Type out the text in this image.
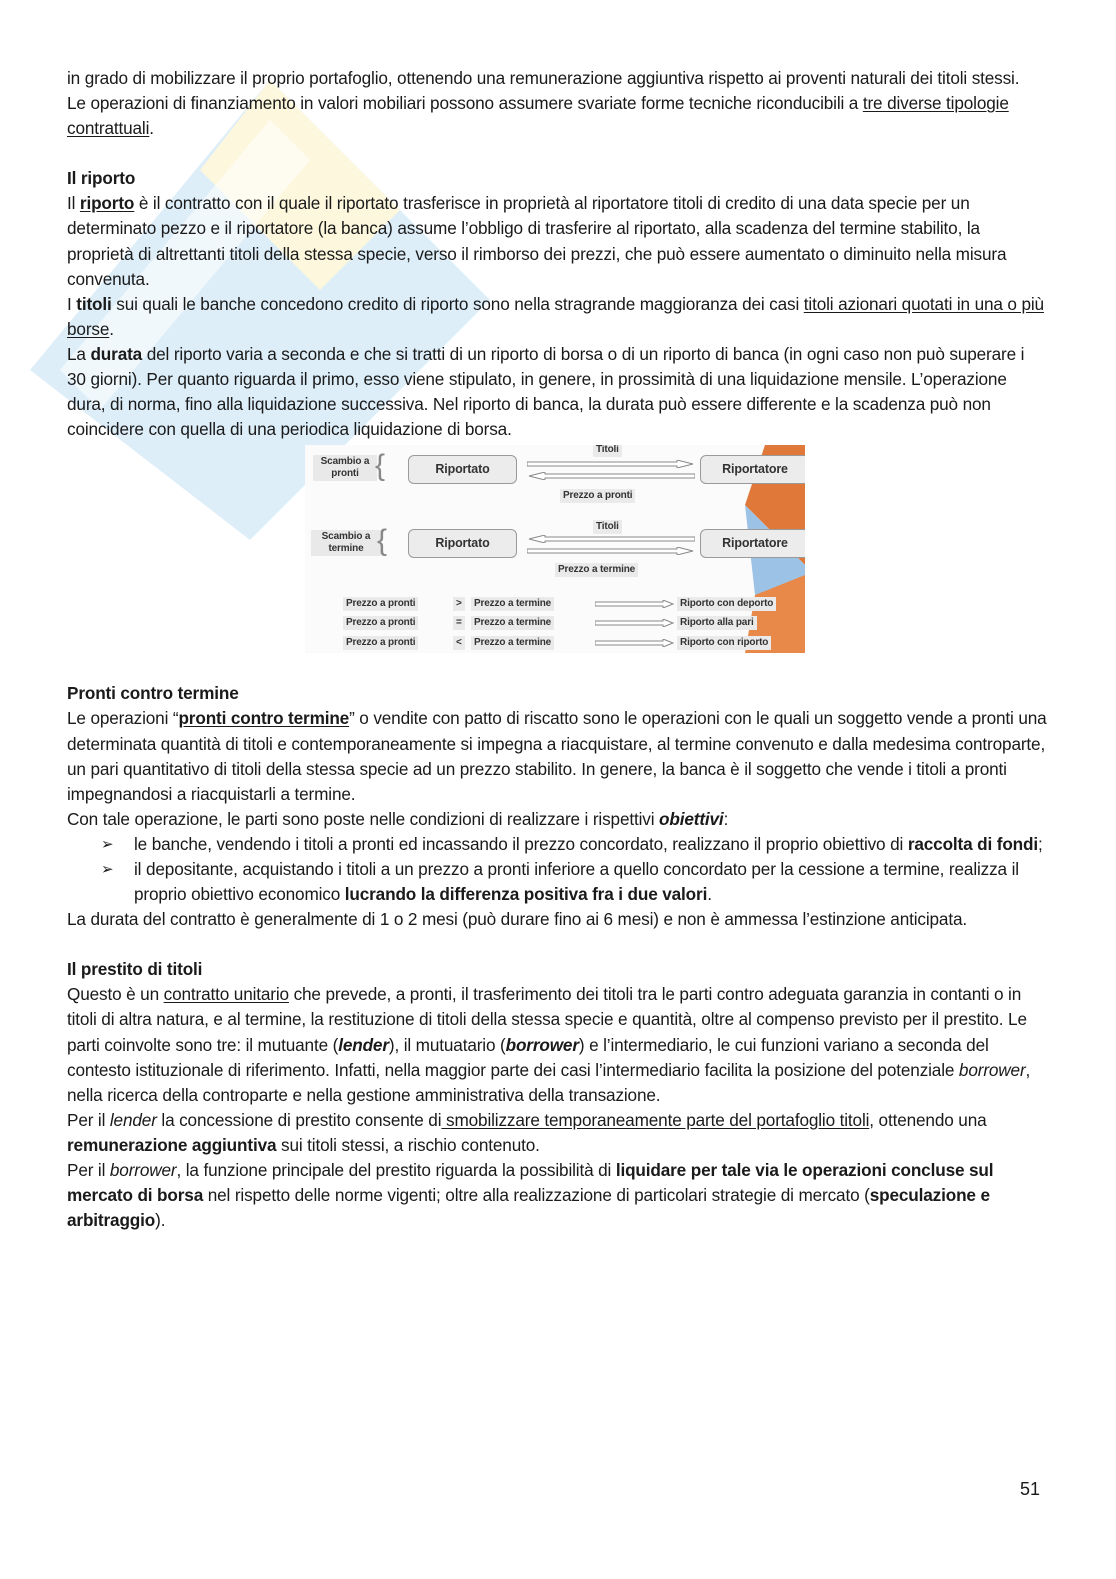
in grado di mobilizzare il proprio portafoglio, ottenendo una remunerazione aggiuntiva rispetto ai proventi naturali dei titoli stessi.

Le operazioni di finanziamento in valori mobiliari possono assumere svariate forme tecniche riconducibili a tre diverse tipologie contrattuali.

Il riporto

Il riporto è il contratto con il quale il riportato trasferisce in proprietà al riportatore titoli di credito di una data specie per un determinato pezzo e il riportatore (la banca) assume l’obbligo di trasferire al riportato, alla scadenza del termine stabilito, la proprietà di altrettanti titoli della stessa specie, verso il rimborso dei prezzi, che può essere aumentato o diminuito nella misura convenuta.

I titoli sui quali le banche concedono credito di riporto sono nella stragrande maggioranza dei casi titoli azionari quotati in una o più borse.

La durata del riporto varia a seconda e che si tratti di un riporto di borsa o di un riporto di banca (in ogni caso non può superare i 30 giorni). Per quanto riguarda il primo, esso viene stipulato, in genere, in prossimità di una liquidazione mensile. L’operazione dura, di norma, fino alla liquidazione successiva. Nel riporto di banca, la durata può essere differente e la scadenza può non coincidere con quella di una periodica liquidazione di borsa.

Scambio a pronti {	Riportato
Titoli
Prezzo a pronti
Riportatore
Scambio a termine {	Riportato
Titoli
Prezzo a termine
Riportatore
Prezzo a pronti	>	Prezzo a termine	Riporto con deporto
Prezzo a pronti	=	Prezzo a termine	Riporto alla pari
Prezzo a pronti	<	Prezzo a termine	Riporto con riporto

Pronti contro termine

Le operazioni “pronti contro termine” o vendite con patto di riscatto sono le operazioni con le quali un soggetto vende a pronti una determinata quantità di titoli e contemporaneamente si impegna a riacquistare, al termine convenuto e dalla medesima controparte, un pari quantitativo di titoli della stessa specie ad un prezzo stabilito. In genere, la banca è il soggetto che vende i titoli a pronti impegnandosi a riacquistarli a termine.

Con tale operazione, le parti sono poste nelle condizioni di realizzare i rispettivi obiettivi:

➢ le banche, vendendo i titoli a pronti ed incassando il prezzo concordato, realizzano il proprio obiettivo di raccolta di fondi;
➢ il depositante, acquistando i titoli a un prezzo a pronti inferiore a quello concordato per la cessione a termine, realizza il proprio obiettivo economico lucrando la differenza positiva fra i due valori.

La durata del contratto è generalmente di 1 o 2 mesi (può durare fino ai 6 mesi) e non è ammessa l’estinzione anticipata.

Il prestito di titoli

Questo è un contratto unitario che prevede, a pronti, il trasferimento dei titoli tra le parti contro adeguata garanzia in contanti o in titoli di altra natura, e al termine, la restituzione di titoli della stessa specie e quantità, oltre al compenso previsto per il prestito. Le parti coinvolte sono tre: il mutuante (lender), il mutuatario (borrower) e l’intermediario, le cui funzioni variano a seconda del contesto istituzionale di riferimento. Infatti, nella maggior parte dei casi l’intermediario facilita la posizione del potenziale borrower, nella ricerca della controparte e nella gestione amministrativa della transazione.

Per il lender la concessione di prestito consente di smobilizzare temporaneamente parte del portafoglio titoli, ottenendo una remunerazione aggiuntiva sui titoli stessi, a rischio contenuto.

Per il borrower, la funzione principale del prestito riguarda la possibilità di liquidare per tale via le operazioni concluse sul mercato di borsa nel rispetto delle norme vigenti; oltre alla realizzazione di particolari strategie di mercato (speculazione e arbitraggio).

51
